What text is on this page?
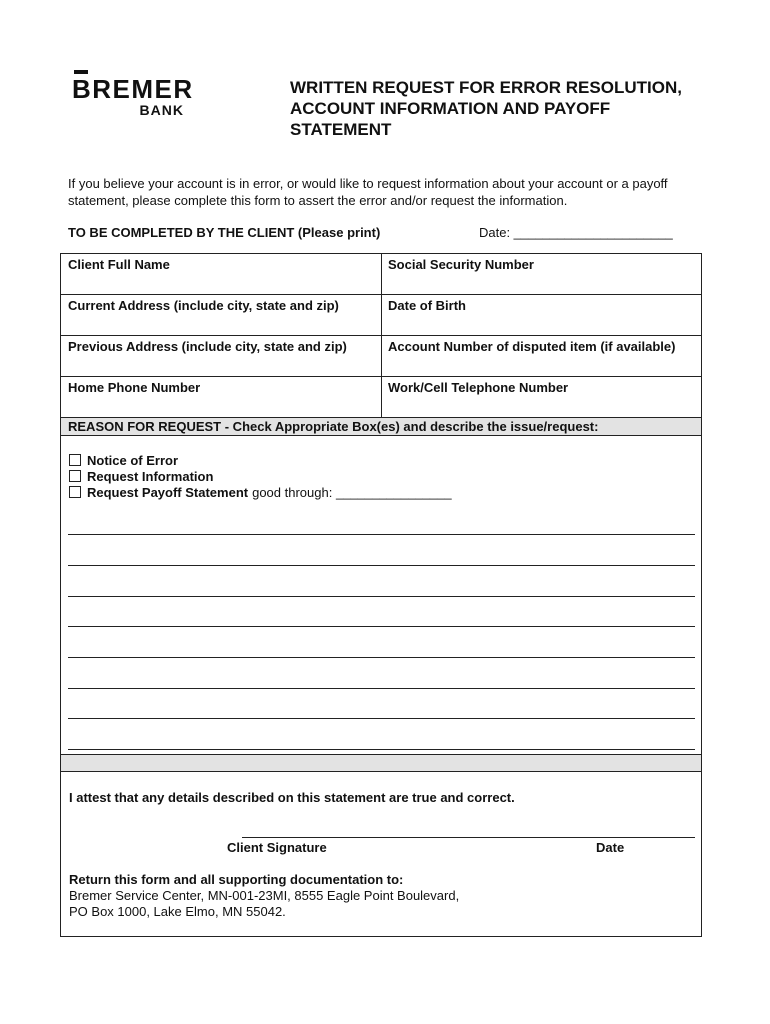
BREMER
BANK
WRITTEN REQUEST FOR ERROR RESOLUTION, ACCOUNT INFORMATION AND PAYOFF STATEMENT
If you believe your account is in error, or would like to request information about your account or a payoff statement, please complete this form to assert the error and/or request the information.
TO BE COMPLETED BY THE CLIENT (Please print)	Date: ______________________
Client Full Name	Social Security Number
Current Address (include city, state and zip)	Date of Birth
Previous Address (include city, state and zip)	Account Number of disputed item (if available)
Home Phone Number	Work/Cell Telephone Number
REASON FOR REQUEST - Check Appropriate Box(es) and describe the issue/request:
Notice of Error
Request Information
Request Payoff Statement good through: ________________
I attest that any details described on this statement are true and correct.
Client Signature	Date
Return this form and all supporting documentation to:
Bremer Service Center, MN-001-23MI, 8555 Eagle Point Boulevard,
PO Box 1000, Lake Elmo, MN 55042.
